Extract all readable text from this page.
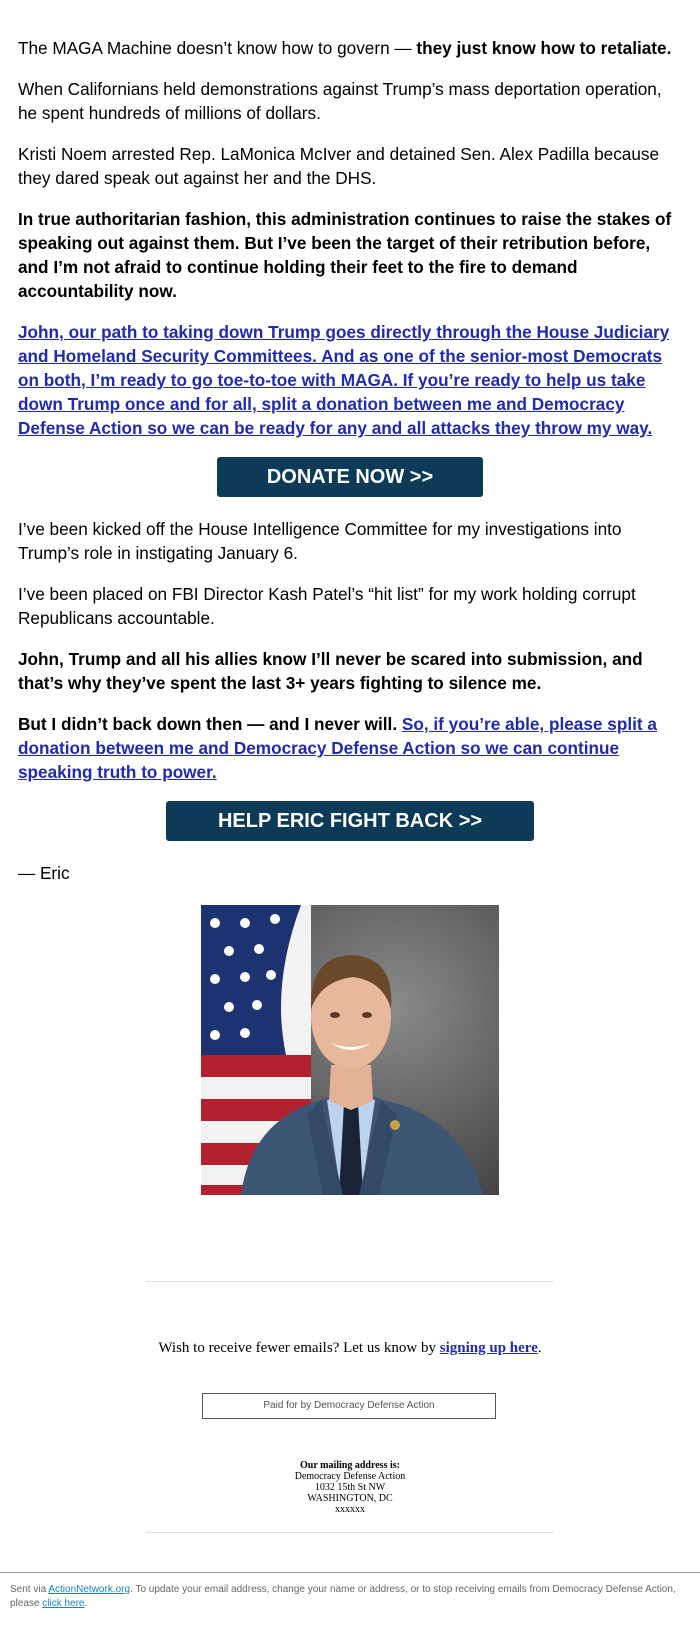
The MAGA Machine doesn’t know how to govern — they just know how to retaliate.

When Californians held demonstrations against Trump’s mass deportation operation, he spent hundreds of millions of dollars.

Kristi Noem arrested Rep. LaMonica McIver and detained Sen. Alex Padilla because they dared speak out against her and the DHS.

In true authoritarian fashion, this administration continues to raise the stakes of speaking out against them. But I’ve been the target of their retribution before, and I’m not afraid to continue holding their feet to the fire to demand accountability now.

John, our path to taking down Trump goes directly through the House Judiciary and Homeland Security Committees. And as one of the senior-most Democrats on both, I’m ready to go toe-to-toe with MAGA. If you’re ready to help us take down Trump once and for all, split a donation between me and Democracy Defense Action so we can be ready for any and all attacks they throw my way.

DONATE NOW >>

I’ve been kicked off the House Intelligence Committee for my investigations into Trump’s role in instigating January 6.

I’ve been placed on FBI Director Kash Patel’s “hit list” for my work holding corrupt Republicans accountable.

John, Trump and all his allies know I’ll never be scared into submission, and that’s why they’ve spent the last 3+ years fighting to silence me.

But I didn’t back down then — and I never will. So, if you’re able, please split a donation between me and Democracy Defense Action so we can continue speaking truth to power.

HELP ERIC FIGHT BACK >>
— Eric
Wish to receive fewer emails? Let us know by signing up here.
Paid for by Democracy Defense Action
Our mailing address is:
Democracy Defense Action
1032 15th St NW
WASHINGTON, DC
xxxxxx
Sent via ActionNetwork.org. To update your email address, change your name or address, or to stop receiving emails from Democracy Defense Action, please click here.
